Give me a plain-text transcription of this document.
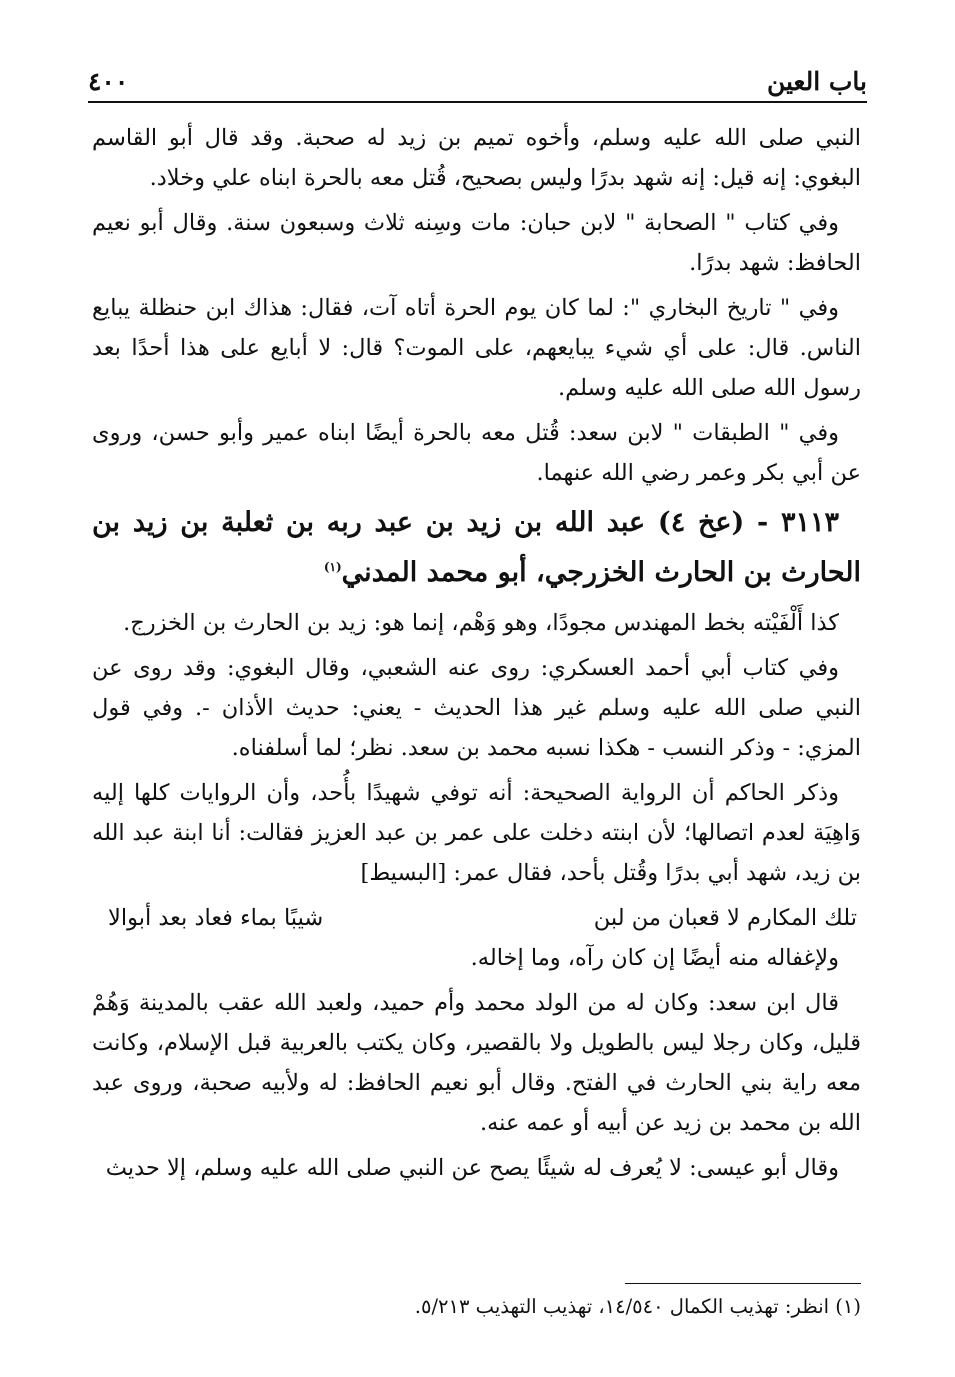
باب العين
٤٠٠

النبي صلى الله عليه وسلم، وأخوه تميم بن زيد له صحبة. وقد قال أبو القاسم البغوي: إنه قيل: إنه شهد بدرًا وليس بصحيح، قُتل معه بالحرة ابناه علي وخلاد.

وفي كتاب " الصحابة " لابن حبان: مات وسِنه ثلاث وسبعون سنة. وقال أبو نعيم الحافظ: شهد بدرًا.

وفي " تاريخ البخاري ": لما كان يوم الحرة أتاه آت، فقال: هذاك ابن حنظلة يبايع الناس. قال: على أي شيء يبايعهم، على الموت؟ قال: لا أبايع على هذا أحدًا بعد رسول الله صلى الله عليه وسلم.

وفي " الطبقات " لابن سعد: قُتل معه بالحرة أيضًا ابناه عمير وأبو حسن، وروى عن أبي بكر وعمر رضي الله عنهما.

٣١١٣ - (عخ ٤) عبد الله بن زيد بن عبد ربه بن ثعلبة بن زيد بن الحارث بن الحارث الخزرجي، أبو محمد المدني$^{(١)}$

كذا أَلْفَيْته بخط المهندس مجودًا، وهو وَهْم، إنما هو: زيد بن الحارث بن الخزرج.

وفي كتاب أبي أحمد العسكري: روى عنه الشعبي، وقال البغوي: وقد روى عن النبي صلى الله عليه وسلم غير هذا الحديث - يعني: حديث الأذان -. وفي قول المزي: - وذكر النسب - هكذا نسبه محمد بن سعد. نظر؛ لما أسلفناه.

وذكر الحاكم أن الرواية الصحيحة: أنه توفي شهيدًا بأُحد، وأن الروايات كلها إليه وَاهِيَة لعدم اتصالها؛ لأن ابنته دخلت على عمر بن عبد العزيز فقالت: أنا ابنة عبد الله بن زيد، شهد أبي بدرًا وقُتل بأحد، فقال عمر: [البسيط]

تلك المكارم لا قعبان من لبن
شيبًا بماء فعاد بعد أبوالا

ولإغفاله منه أيضًا إن كان رآه، وما إخاله.

قال ابن سعد: وكان له من الولد محمد وأم حميد، ولعبد الله عقب بالمدينة وَهُمْ قليل، وكان رجلا ليس بالطويل ولا بالقصير، وكان يكتب بالعربية قبل الإسلام، وكانت معه راية بني الحارث في الفتح. وقال أبو نعيم الحافظ: له ولأبيه صحبة، وروى عبد الله بن محمد بن زيد عن أبيه أو عمه عنه.

وقال أبو عيسى: لا يُعرف له شيئًا يصح عن النبي صلى الله عليه وسلم، إلا حديث

(١) انظر: تهذيب الكمال ١٤/٥٤٠، تهذيب التهذيب ٥/٢١٣.
